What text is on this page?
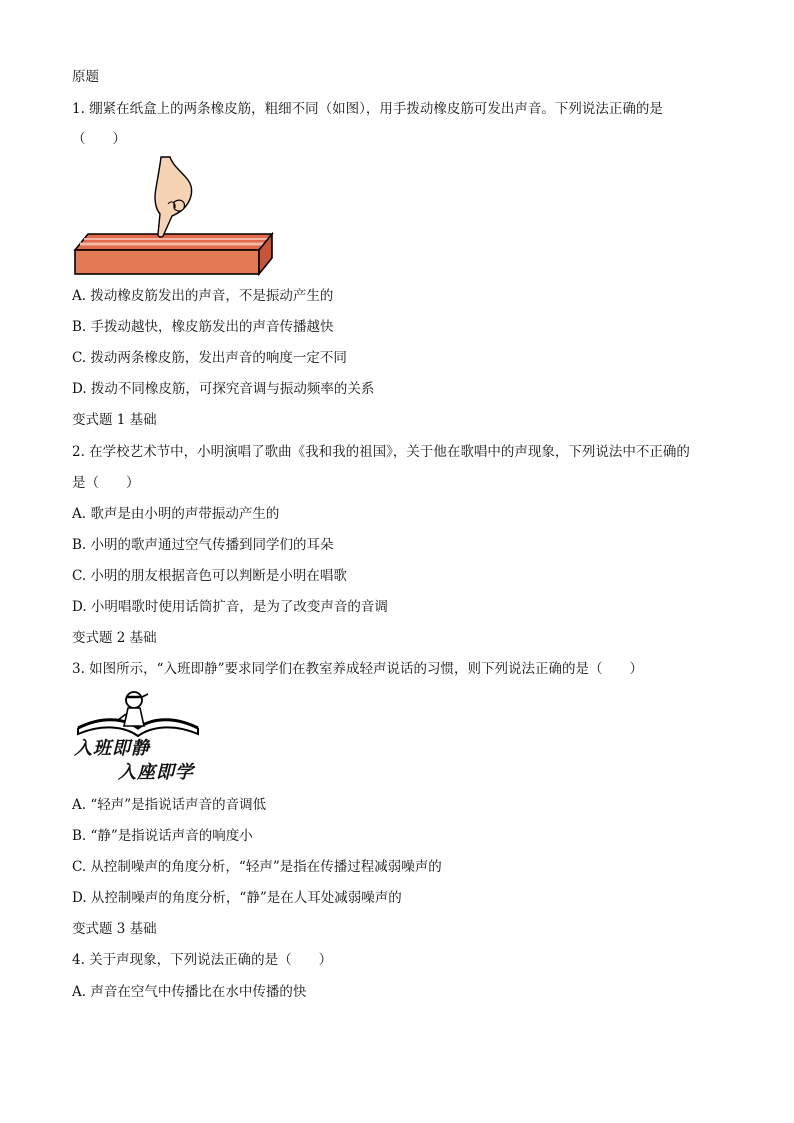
原题
1. 绷紧在纸盒上的两条橡皮筋，粗细不同（如图），用手拨动橡皮筋可发出声音。下列说法正确的是
（　　）
A. 拨动橡皮筋发出的声音，不是振动产生的
B. 手拨动越快，橡皮筋发出的声音传播越快
C. 拨动两条橡皮筋，发出声音的响度一定不同
D. 拨动不同橡皮筋，可探究音调与振动频率的关系
变式题 1 基础
2. 在学校艺术节中，小明演唱了歌曲《我和我的祖国》，关于他在歌唱中的声现象，下列说法中不正确的
是（　　）
A. 歌声是由小明的声带振动产生的
B. 小明的歌声通过空气传播到同学们的耳朵
C. 小明的朋友根据音色可以判断是小明在唱歌
D. 小明唱歌时使用话筒扩音，是为了改变声音的音调
变式题 2 基础
3. 如图所示，“入班即静”要求同学们在教室养成轻声说话的习惯，则下列说法正确的是（　　）
入班即静
入座即学
A. “轻声”是指说话声音的音调低
B. “静”是指说话声音的响度小
C. 从控制噪声的角度分析，“轻声”是指在传播过程减弱噪声的
D. 从控制噪声的角度分析，“静”是在人耳处减弱噪声的
变式题 3 基础
4. 关于声现象，下列说法正确的是（　　）
A. 声音在空气中传播比在水中传播的快
